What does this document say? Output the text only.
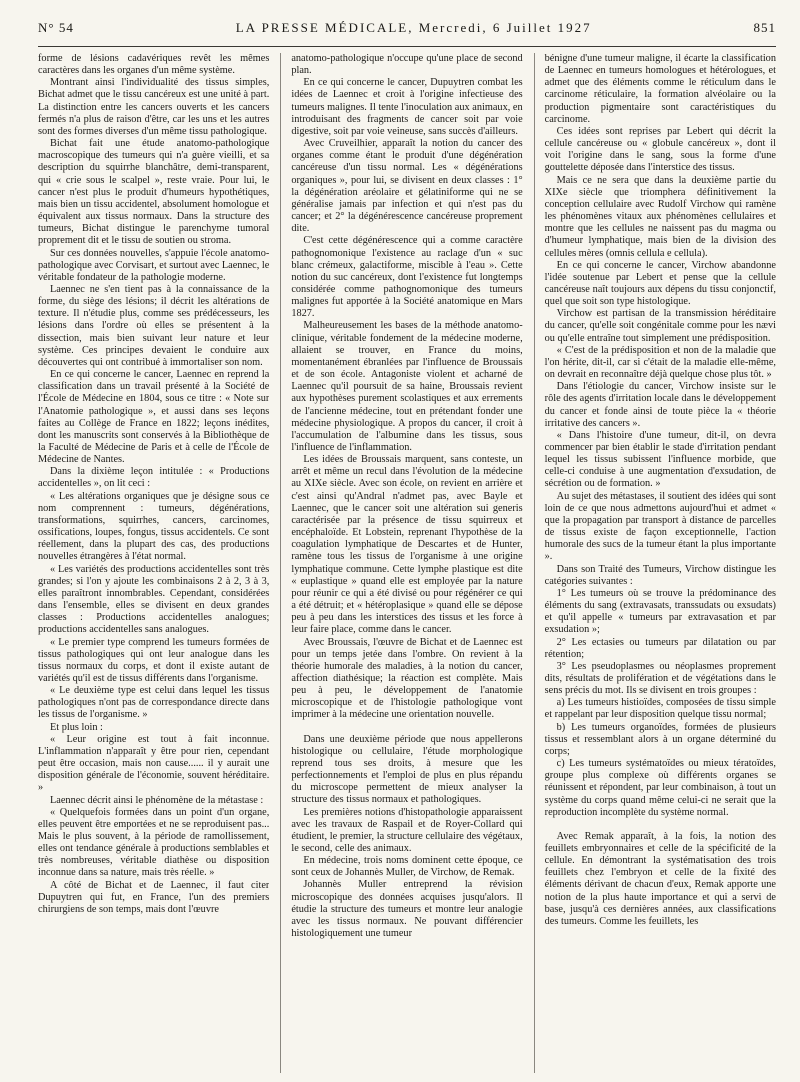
N° 54	LA PRESSE MÉDICALE, Mercredi, 6 Juillet 1927	851

forme de lésions cadavériques revêt les mêmes caractères dans les organes d'un même système.

Montrant ainsi l'individualité des tissus simples, Bichat admet que le tissu cancéreux est une unité à part. La distinction entre les cancers ouverts et les cancers fermés n'a plus de raison d'être, car les uns et les autres sont des formes diverses d'un même tissu pathologique.

Bichat fait une étude anatomo-pathologique macroscopique des tumeurs qui n'a guère vieilli, et sa description du squirrhe blanchâtre, demi-transparent, qui « crie sous le scalpel », reste vraie. Pour lui, le cancer n'est plus le produit d'humeurs hypothétiques, mais bien un tissu accidentel, absolument homologue et équivalent aux tissus normaux. Dans la structure des tumeurs, Bichat distingue le parenchyme tumoral proprement dit et le tissu de soutien ou stroma.

Sur ces données nouvelles, s'appuie l'école anatomo-pathologique avec Corvisart, et surtout avec Laennec, le véritable fondateur de la pathologie moderne.

Laennec ne s'en tient pas à la connaissance de la forme, du siège des lésions; il décrit les altérations de texture. Il n'étudie plus, comme ses prédécesseurs, les lésions dans l'ordre où elles se présentent à la dissection, mais bien suivant leur nature et leur système. Ces principes devaient le conduire aux découvertes qui ont contribué à immortaliser son nom.

En ce qui concerne le cancer, Laennec en reprend la classification dans un travail présenté à la Société de l'École de Médecine en 1804, sous ce titre : « Note sur l'Anatomie pathologique », et aussi dans ses leçons faites au Collège de France en 1822; leçons inédites, dont les manuscrits sont conservés à la Bibliothèque de la Faculté de Médecine de Paris et à celle de l'École de Médecine de Nantes.

Dans la dixième leçon intitulée : « Productions accidentelles », on lit ceci :

« Les altérations organiques que je désigne sous ce nom comprennent : tumeurs, dégénérations, transformations, squirrhes, cancers, carcinomes, ossifications, loupes, fongus, tissus accidentels. Ce sont réellement, dans la plupart des cas, des productions nouvelles étrangères à l'état normal.

« Les variétés des productions accidentelles sont très grandes; si l'on y ajoute les combinaisons 2 à 2, 3 à 3, elles paraîtront innombrables. Cependant, considérées dans l'ensemble, elles se divisent en deux grandes classes : Productions accidentelles analogues; productions accidentelles sans analogues.

« Le premier type comprend les tumeurs formées de tissus pathologiques qui ont leur analogue dans les tissus normaux du corps, et dont il existe autant de variétés qu'il est de tissus différents dans l'organisme.

« Le deuxième type est celui dans lequel les tissus pathologiques n'ont pas de correspondance directe dans les tissus de l'organisme. »

Et plus loin :

« Leur origine est tout à fait inconnue. L'inflammation n'apparaît y être pour rien, cependant peut être occasion, mais non cause...... il y aurait une disposition générale de l'économie, souvent héréditaire. »

Laennec décrit ainsi le phénomène de la métastase :

« Quelquefois formées dans un point d'un organe, elles peuvent être emportées et ne se reproduisent pas... Mais le plus souvent, à la période de ramollissement, elles ont tendance générale à productions semblables et très nombreuses, véritable diathèse ou disposition inconnue dans sa nature, mais très réelle. »

A côté de Bichat et de Laennec, il faut citer Dupuytren qui fut, en France, l'un des premiers chirurgiens de son temps, mais dont l'œuvre

anatomo-pathologique n'occupe qu'une place de second plan.

En ce qui concerne le cancer, Dupuytren combat les idées de Laennec et croit à l'origine infectieuse des tumeurs malignes. Il tente l'inoculation aux animaux, en introduisant des fragments de cancer soit par voie digestive, soit par voie veineuse, sans succès d'ailleurs.

Avec Cruveilhier, apparaît la notion du cancer des organes comme étant le produit d'une dégénération cancéreuse d'un tissu normal. Les « dégénérations organiques », pour lui, se divisent en deux classes : 1° la dégénération aréolaire et gélatiniforme qui ne se généralise jamais par infection et qui n'est pas du cancer; et 2° la dégénérescence cancéreuse proprement dite.

C'est cette dégénérescence qui a comme caractère pathognomonique l'existence au raclage d'un « suc blanc crémeux, galactiforme, miscible à l'eau ». Cette notion du suc cancéreux, dont l'existence fut longtemps considérée comme pathognomonique des tumeurs malignes fut apportée à la Société anatomique en Mars 1827.

Malheureusement les bases de la méthode anatomo-clinique, véritable fondement de la médecine moderne, allaient se trouver, en France du moins, momentanément ébranlées par l'influence de Broussais et de son école. Antagoniste violent et acharné de Laennec qu'il poursuit de sa haine, Broussais revient aux hypothèses purement scolastiques et aux errements de l'ancienne médecine, tout en prétendant fonder une médecine physiologique. A propos du cancer, il croit à l'accumulation de l'albumine dans les tissus, sous l'influence de l'inflammation.

Les idées de Broussais marquent, sans conteste, un arrêt et même un recul dans l'évolution de la médecine au XIXe siècle. Avec son école, on revient en arrière et c'est ainsi qu'Andral n'admet pas, avec Bayle et Laennec, que le cancer soit une altération sui generis caractérisée par la présence de tissu squirreux et encéphaloïde. Et Lobstein, reprenant l'hypothèse de la coagulation lymphatique de Descartes et de Hunter, ramène tous les tissus de l'organisme à une origine lymphatique commune. Cette lymphe plastique est dite « euplastique » quand elle est employée par la nature pour réunir ce qui a été divisé ou pour régénérer ce qui a été détruit; et « hétéroplasique » quand elle se dépose peu à peu dans les interstices des tissus et les force à leur faire place, comme dans le cancer.

Avec Broussais, l'œuvre de Bichat et de Laennec est pour un temps jetée dans l'ombre. On revient à la théorie humorale des maladies, à la notion du cancer, affection diathésique; la réaction est complète. Mais peu à peu, le développement de l'anatomie microscopique et de l'histologie pathologique vont imprimer à la médecine une orientation nouvelle.

Dans une deuxième période que nous appellerons histologique ou cellulaire, l'étude morphologique reprend tous ses droits, à mesure que les perfectionnements et l'emploi de plus en plus répandu du microscope permettent de mieux analyser la structure des tissus normaux et pathologiques.

Les premières notions d'histopathologie apparaissent avec les travaux de Raspail et de Royer-Collard qui étudient, le premier, la structure cellulaire des végétaux, le second, celle des animaux.

En médecine, trois noms dominent cette époque, ce sont ceux de Johannès Muller, de Virchow, de Remak.

Johannès Muller entreprend la révision microscopique des données acquises jusqu'alors. Il étudie la structure des tumeurs et montre leur analogie avec les tissus normaux. Ne pouvant différencier histologiquement une tumeur

bénigne d'une tumeur maligne, il écarte la classification de Laennec en tumeurs homologues et hétérologues, et admet que des éléments comme le réticulum dans le carcinome réticulaire, la formation alvéolaire ou la production pigmentaire sont caractéristiques du carcinome.

Ces idées sont reprises par Lebert qui décrit la cellule cancéreuse ou « globule cancéreux », dont il voit l'origine dans le sang, sous la forme d'une gouttelette déposée dans l'interstice des tissus.

Mais ce ne sera que dans la deuxième partie du XIXe siècle que triomphera définitivement la conception cellulaire avec Rudolf Virchow qui ramène les phénomènes vitaux aux phénomènes cellulaires et montre que les cellules ne naissent pas du magma ou d'humeur lymphatique, mais bien de la division des cellules mères (omnis cellula e cellula).

En ce qui concerne le cancer, Virchow abandonne l'idée soutenue par Lebert et pense que la cellule cancéreuse naît toujours aux dépens du tissu conjonctif, quel que soit son type histologique.

Virchow est partisan de la transmission héréditaire du cancer, qu'elle soit congénitale comme pour les nævi ou qu'elle entraîne tout simplement une prédisposition.

« C'est de la prédisposition et non de la maladie que l'on hérite, dit-il, car si c'était de la maladie elle-même, on devrait en reconnaître déjà quelque chose plus tôt. »

Dans l'étiologie du cancer, Virchow insiste sur le rôle des agents d'irritation locale dans le développement du cancer et fonde ainsi de toute pièce la « théorie irritative des cancers ».

« Dans l'histoire d'une tumeur, dit-il, on devra commencer par bien établir le stade d'irritation pendant lequel les tissus subissent l'influence morbide, que celle-ci conduise à une augmentation d'exsudation, de sécrétion ou de formation. »

Au sujet des métastases, il soutient des idées qui sont loin de ce que nous admettons aujourd'hui et admet « que la propagation par transport à distance de parcelles de tissus existe de façon exceptionnelle, l'action humorale des sucs de la tumeur étant la plus importante ».

Dans son Traité des Tumeurs, Virchow distingue les catégories suivantes :

1° Les tumeurs où se trouve la prédominance des éléments du sang (extravasats, transsudats ou exsudats) et qu'il appelle « tumeurs par extravasation et par exsudation »;

2° Les ectasies ou tumeurs par dilatation ou par rétention;

3° Les pseudoplasmes ou néoplasmes proprement dits, résultats de prolifération et de végétations dans le sens précis du mot. Ils se divisent en trois groupes :

a) Les tumeurs histioïdes, composées de tissu simple et rappelant par leur disposition quelque tissu normal;

b) Les tumeurs organoïdes, formées de plusieurs tissus et ressemblant alors à un organe déterminé du corps;

c) Les tumeurs systématoïdes ou mieux tératoïdes, groupe plus complexe où différents organes se réunissent et répondent, par leur combinaison, à tout un système du corps quand même celui-ci ne serait que la reproduction incomplète du système normal.

Avec Remak apparaît, à la fois, la notion des feuillets embryonnaires et celle de la spécificité de la cellule. En démontrant la systématisation des trois feuillets chez l'embryon et celle de la fixité des éléments dérivant de chacun d'eux, Remak apporte une notion de la plus haute importance et qui a servi de base, jusqu'à ces dernières années, aux classifications des tumeurs. Comme les feuillets, les
